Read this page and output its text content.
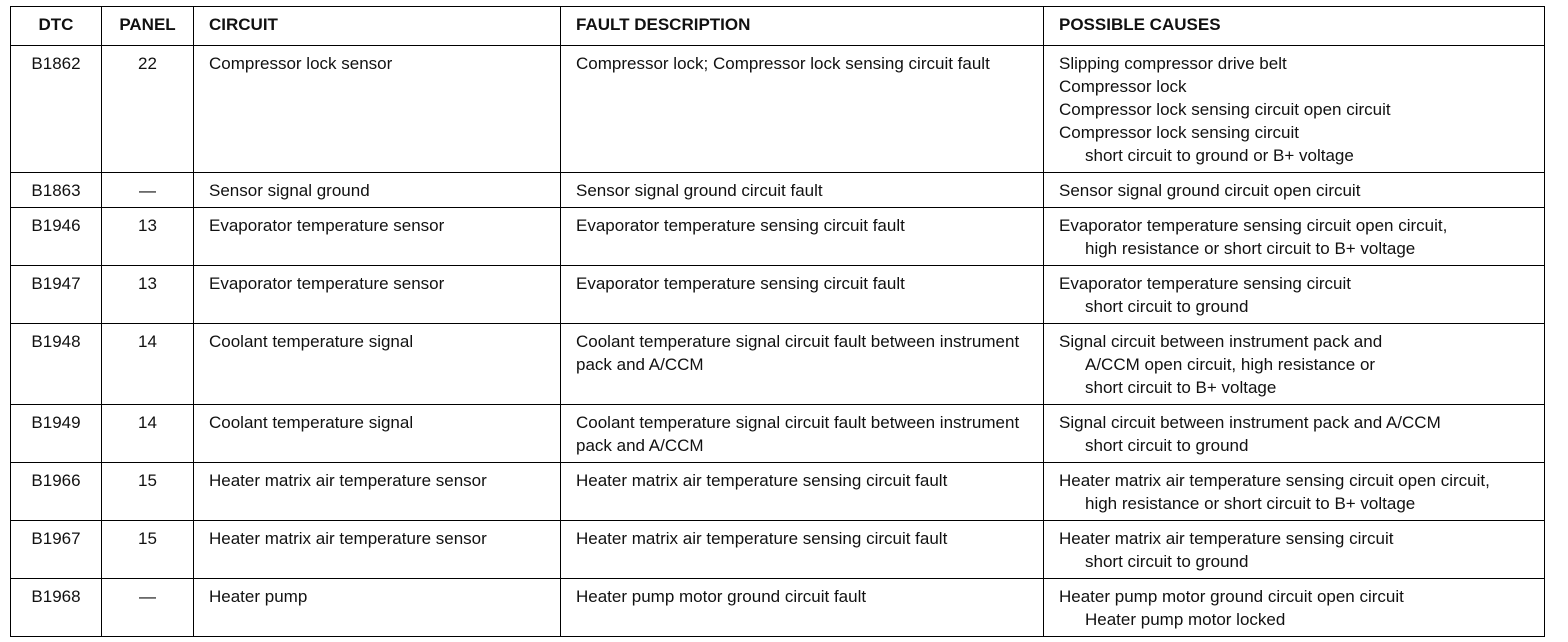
DTC	PANEL	CIRCUIT	FAULT DESCRIPTION	POSSIBLE CAUSES
B1862	22	Compressor lock sensor	Compressor lock; Compressor lock sensing circuit fault	Slipping compressor drive belt
Compressor lock
Compressor lock sensing circuit open circuit
Compressor lock sensing circuit
short circuit to ground or B+ voltage

B1863	—	Sensor signal ground	Sensor signal ground circuit fault	Sensor signal ground circuit open circuit

B1946	13	Evaporator temperature sensor	Evaporator temperature sensing circuit fault	Evaporator temperature sensing circuit open circuit,
high resistance or short circuit to B+ voltage

B1947	13	Evaporator temperature sensor	Evaporator temperature sensing circuit fault	Evaporator temperature sensing circuit
short circuit to ground

B1948	14	Coolant temperature signal	Coolant temperature signal circuit fault between instrument pack and A/CCM	Signal circuit between instrument pack and
A/CCM open circuit, high resistance or
short circuit to B+ voltage

B1949	14	Coolant temperature signal	Coolant temperature signal circuit fault between instrument pack and A/CCM	Signal circuit between instrument pack and A/CCM
short circuit to ground

B1966	15	Heater matrix air temperature sensor	Heater matrix air temperature sensing circuit fault	Heater matrix air temperature sensing circuit open circuit,
high resistance or short circuit to B+ voltage

B1967	15	Heater matrix air temperature sensor	Heater matrix air temperature sensing circuit fault	Heater matrix air temperature sensing circuit
short circuit to ground

B1968	—	Heater pump	Heater pump motor ground circuit fault	Heater pump motor ground circuit open circuit
Heater pump motor locked
